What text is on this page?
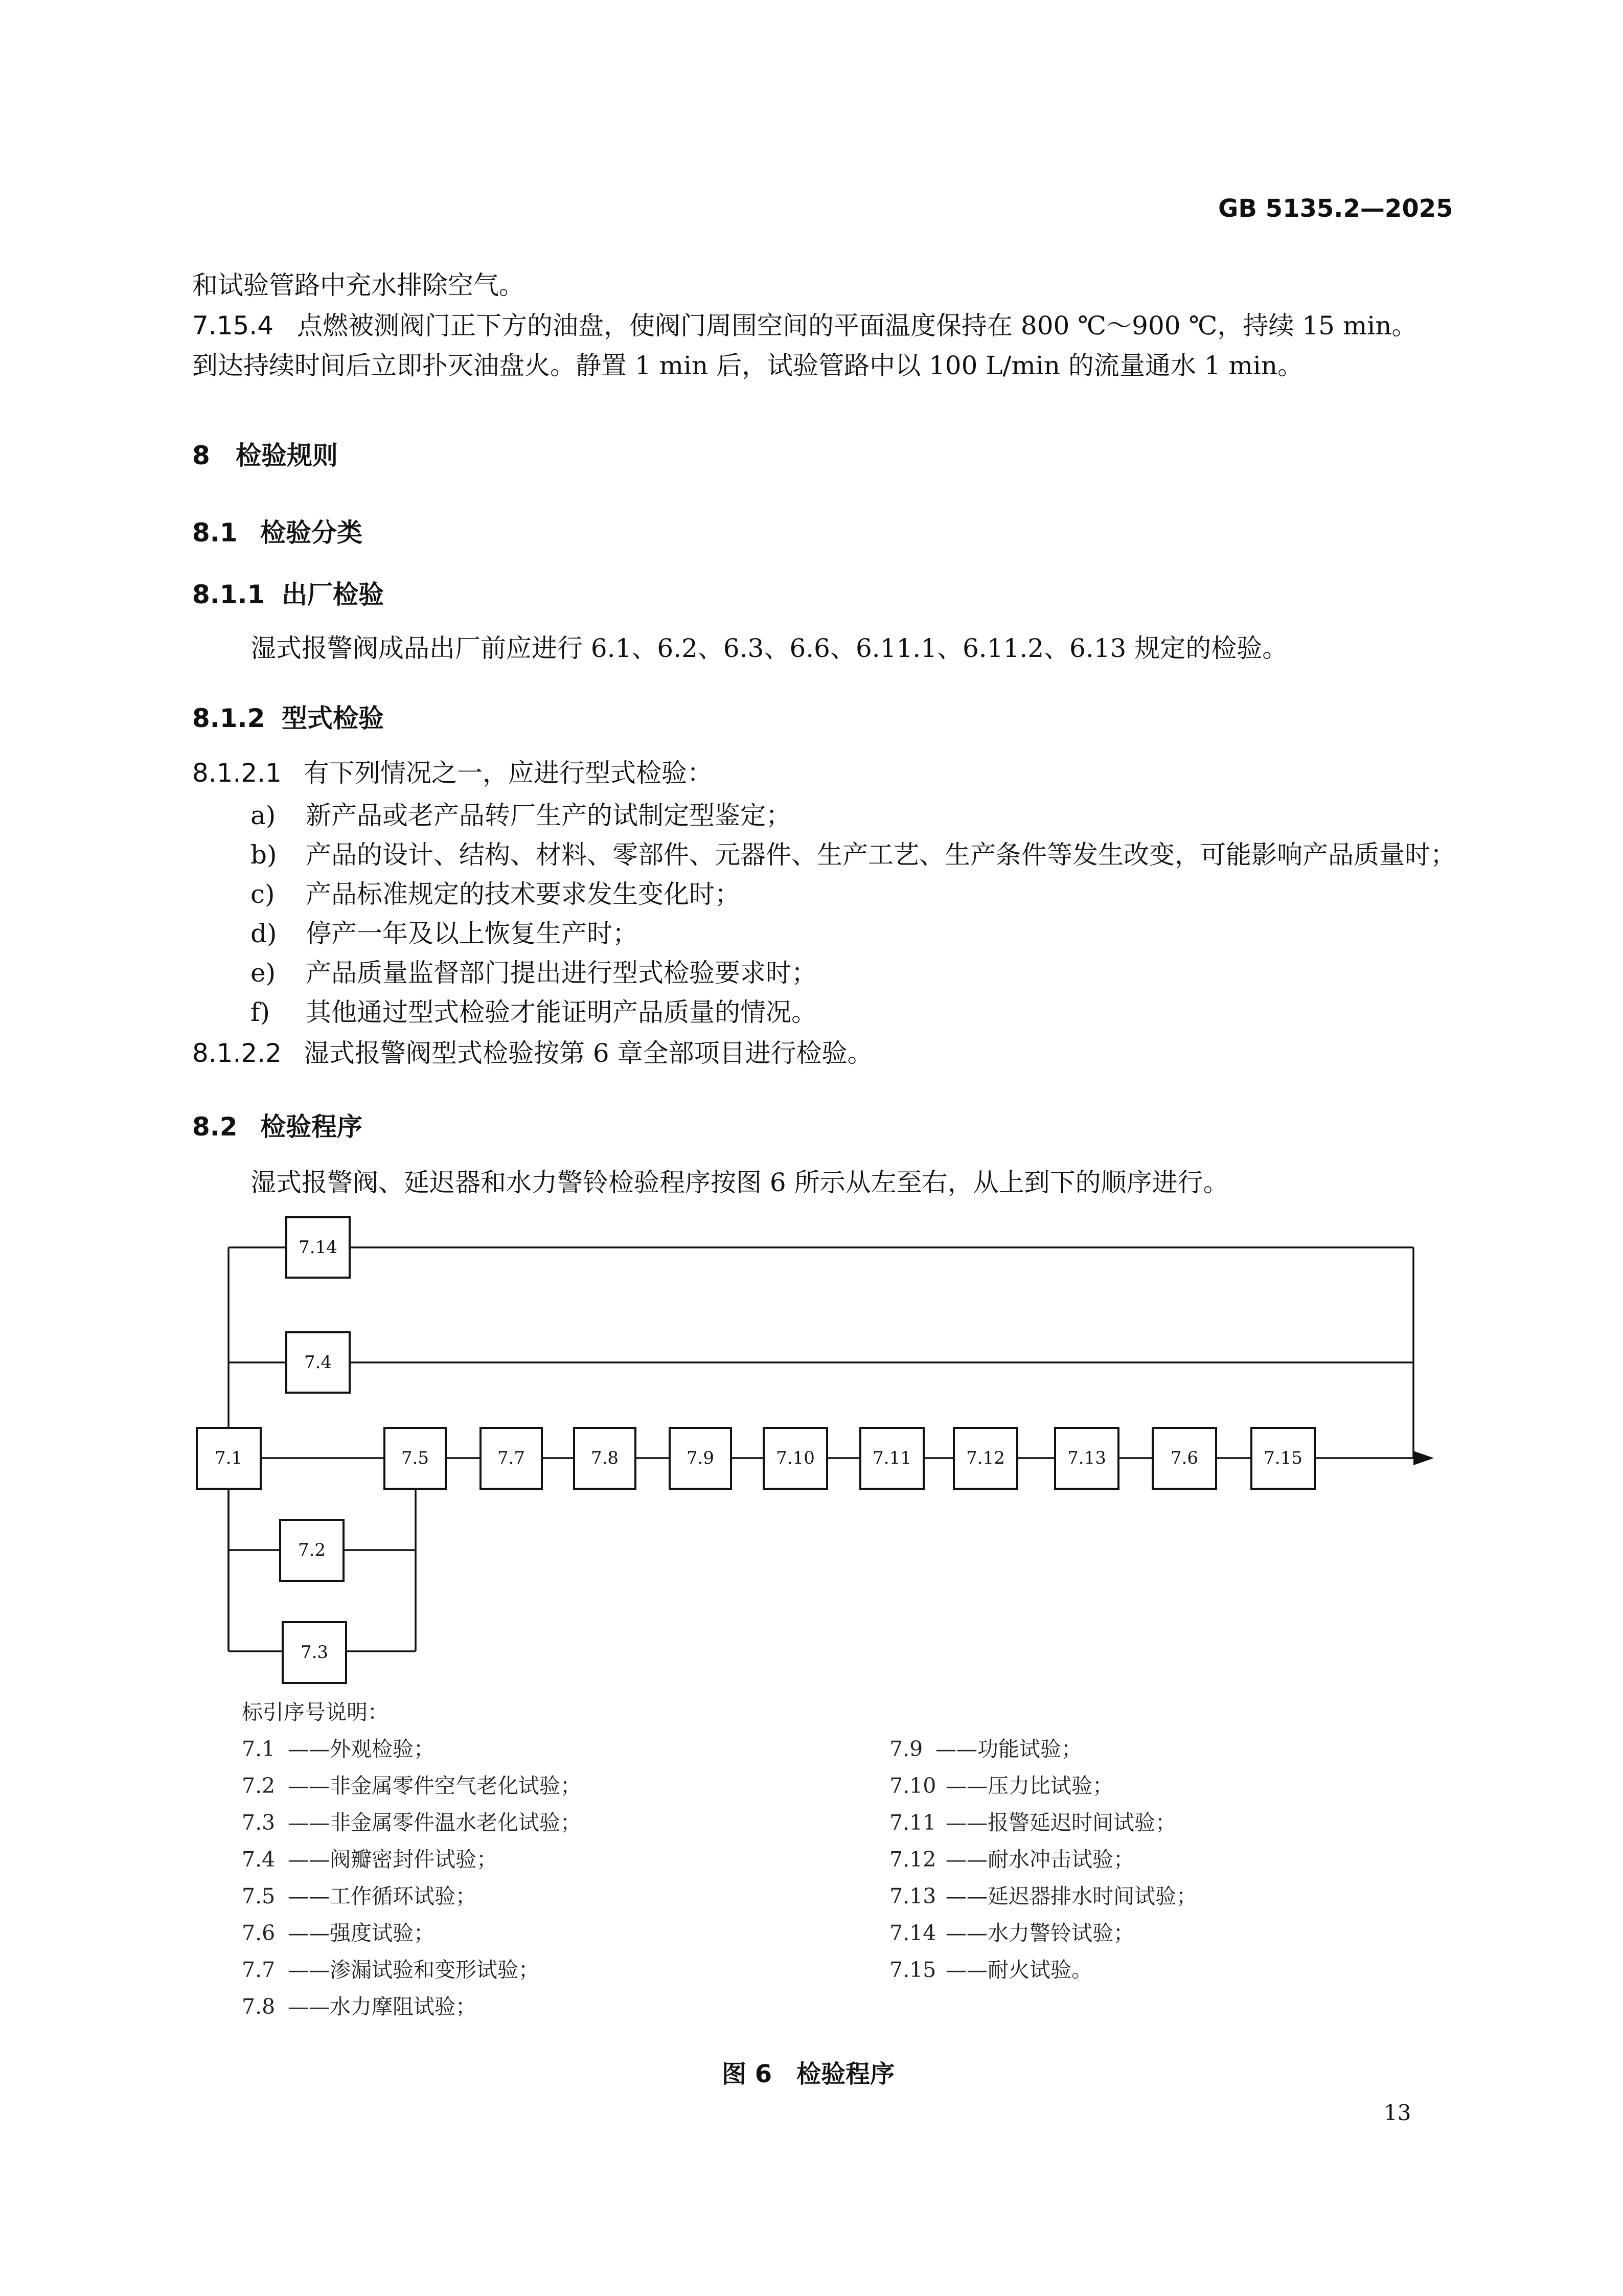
GB 5135.2—2025
和试验管路中充水排除空气。
7.15.4 点燃被测阀门正下方的油盘，使阀门周围空间的平面温度保持在 800 ℃～900 ℃，持续 15 min。
到达持续时间后立即扑灭油盘火。静置 1 min 后，试验管路中以 100 L/min 的流量通水 1 min。
8 检验规则
8.1 检验分类
8.1.1 出厂检验
湿式报警阀成品出厂前应进行 6.1、6.2、6.3、6.6、6.11.1、6.11.2、6.13 规定的检验。
8.1.2 型式检验
8.1.2.1 有下列情况之一，应进行型式检验：
a) 新产品或老产品转厂生产的试制定型鉴定；
b) 产品的设计、结构、材料、零部件、元器件、生产工艺、生产条件等发生改变，可能影响产品质量时；
c) 产品标准规定的技术要求发生变化时；
d) 停产一年及以上恢复生产时；
e) 产品质量监督部门提出进行型式检验要求时；
f) 其他通过型式检验才能证明产品质量的情况。
8.1.2.2 湿式报警阀型式检验按第 6 章全部项目进行检验。
8.2 检验程序
湿式报警阀、延迟器和水力警铃检验程序按图 6 所示从左至右，从上到下的顺序进行。
7.14
7.4
7.1	7.5	7.7	7.8	7.9	7.10	7.11	7.12	7.13	7.6	7.15
7.2
7.3
标引序号说明：
7.1 ——外观检验；
7.2 ——非金属零件空气老化试验；
7.3 ——非金属零件温水老化试验；
7.4 ——阀瓣密封件试验；
7.5 ——工作循环试验；
7.6 ——强度试验；
7.7 ——渗漏试验和变形试验；
7.8 ——水力摩阻试验；
7.9 ——功能试验；
7.10 ——压力比试验；
7.11 ——报警延迟时间试验；
7.12 ——耐水冲击试验；
7.13 ——延迟器排水时间试验；
7.14 ——水力警铃试验；
7.15 ——耐火试验。
图 6　检验程序
13
